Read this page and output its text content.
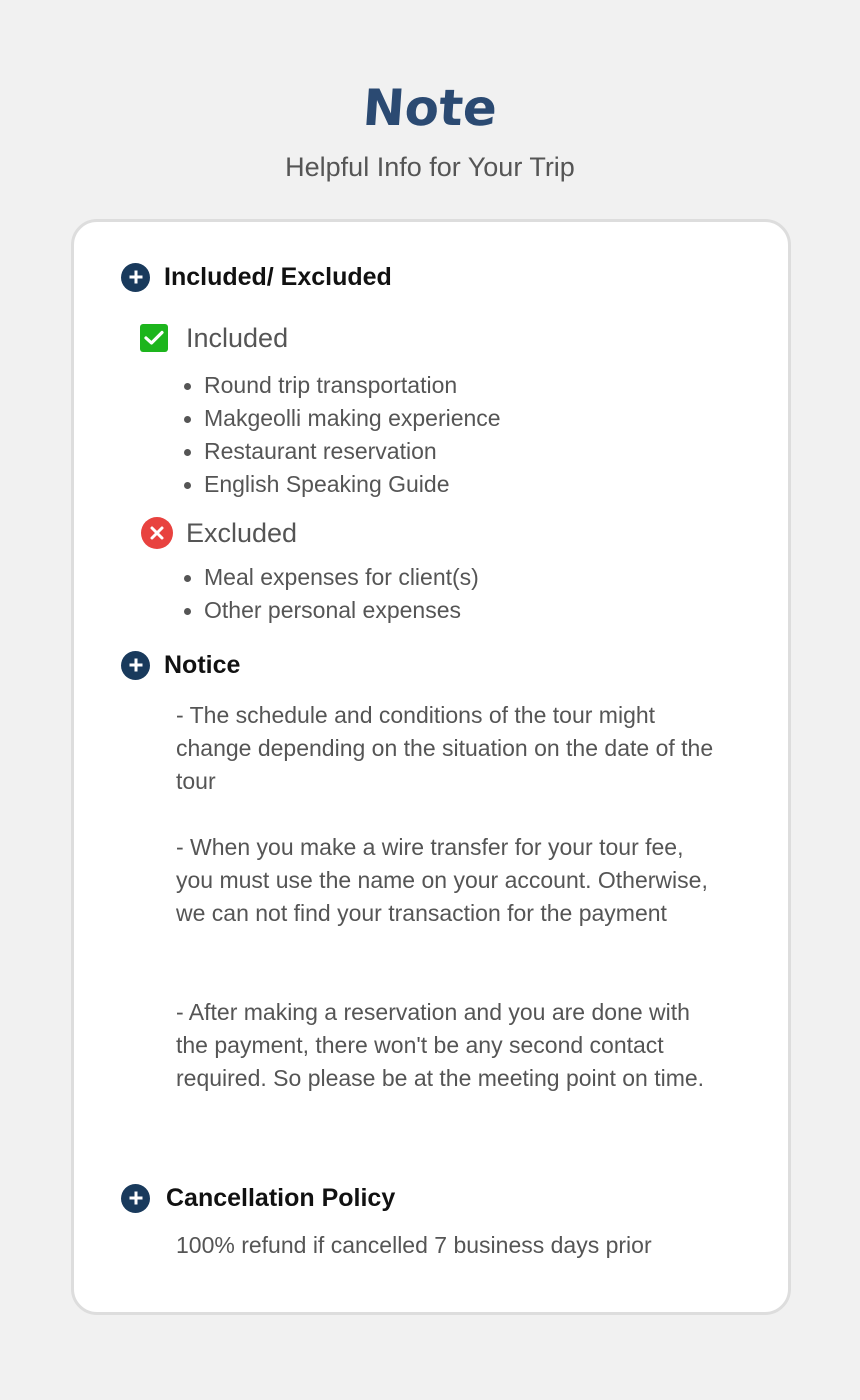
Note
Helpful Info for Your Trip
Included/ Excluded
Included
Round trip transportation
Makgeolli making experience
Restaurant reservation
English Speaking Guide
Excluded
Meal expenses for client(s)
Other personal expenses
Notice

- The schedule and conditions of the tour might change depending on the situation on the date of the tour

- When you make a wire transfer for your tour fee, you must use the name on your account. Otherwise, we can not find your transaction for the payment

- After making a reservation and you are done with the payment, there won't be any second contact required. So please be at the meeting point on time.

Cancellation Policy

100% refund if cancelled 7 business days prior
